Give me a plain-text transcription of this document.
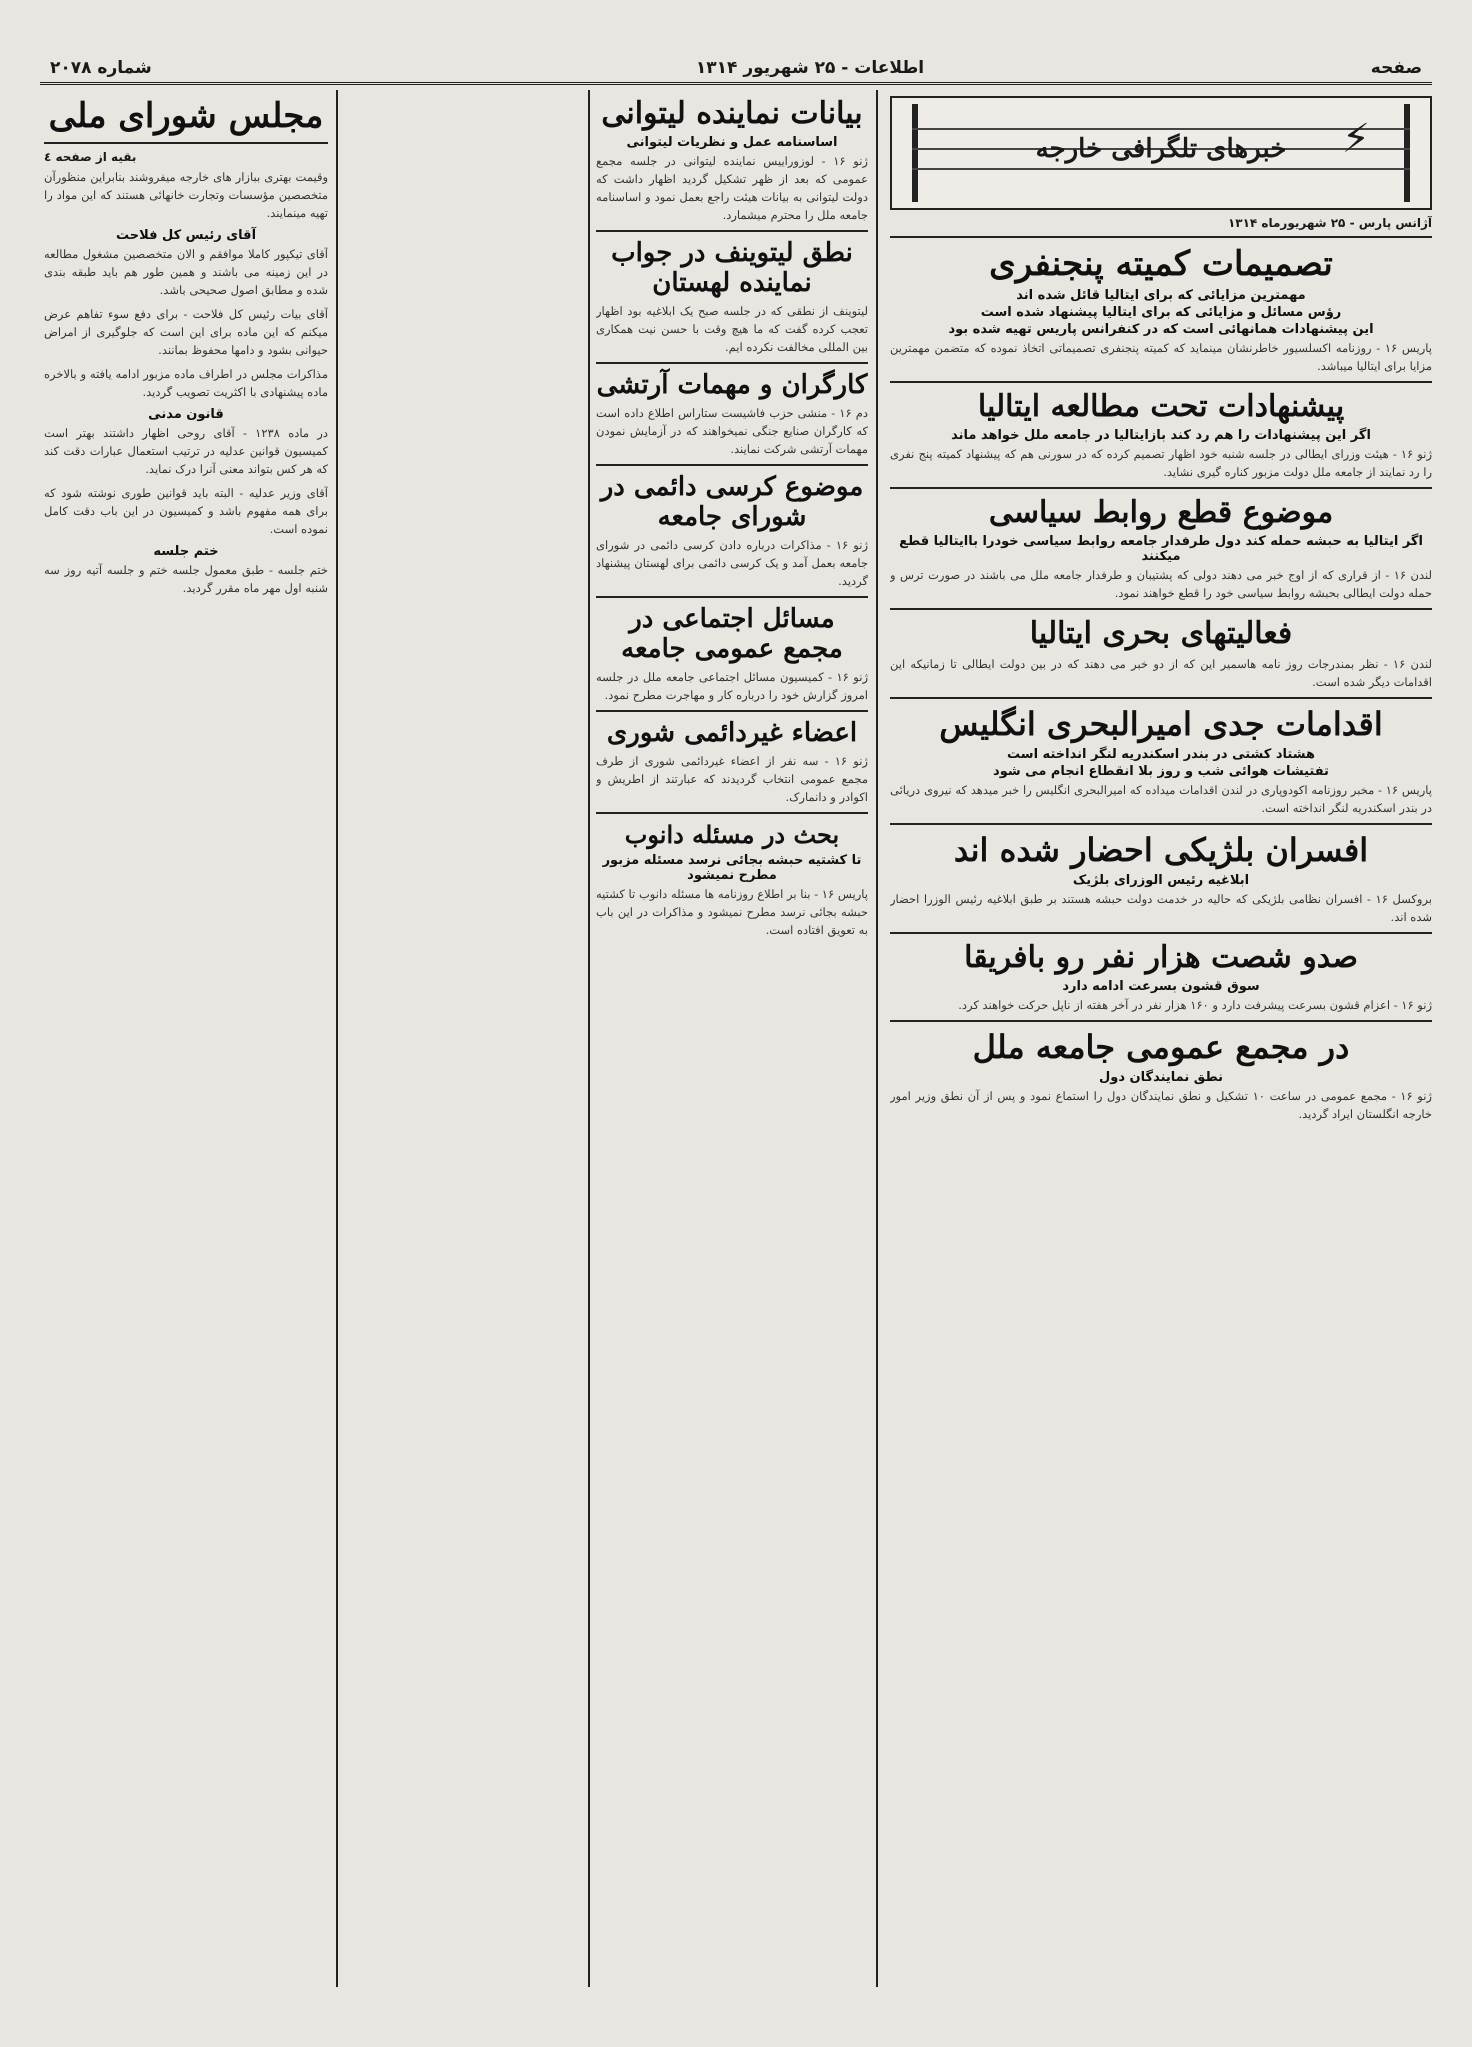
شماره ۲۰۷۸	اطلاعات - ۲۵ شهریور ۱۳۱۴	صفحه
⚡
خبرهای تلگرافی خارجه
آژانس پارس - ۲۵ شهریورماه ۱۳۱۴
تصمیمات کمیته پنجنفری
مهمترین مزایائی که برای ایتالیا قائل شده اند
رؤس مسائل و مزایائی که برای ایتالیا پیشنهاد شده است
این پیشنهادات همانهائی است که در کنفرانس پاریس تهیه شده بود

پاریس ۱۶ - روزنامه اکسلسیور خاطرنشان مینماید که کمیته پنجنفری تصمیماتی اتخاذ نموده که متضمن مهمترین مزایا برای ایتالیا میباشد.

پیشنهادات تحت مطالعه ایتالیا
اگر این پیشنهادات را هم رد کند بازایتالیا در جامعه ملل خواهد ماند

ژنو ۱۶ - هیئت وزرای ایطالی در جلسه شنبه خود اظهار تصمیم کرده که در سورنی هم که پیشنهاد کمیته پنج نفری را رد نمایند از جامعه ملل دولت مزبور کناره گیری نشاید.

موضوع قطع روابط سیاسی
اگر ایتالیا به حبشه حمله کند دول طرفدار جامعه روابط سیاسی خودرا باایتالیا قطع میکنند

لندن ۱۶ - از قراری که از اوج خبر می دهند دولی که پشتیبان و طرفدار جامعه ملل می باشند در صورت ترس و حمله دولت ایطالی بحبشه روابط سیاسی خود را قطع خواهند نمود.

فعالیتهای بحری ایتالیا

لندن ۱۶ - نظر بمندرجات روز نامه هاسمیر این که از دو خبر می دهند که در بین دولت ایطالی تا زمانیکه این اقدامات دیگر شده است.

اقدامات جدی امیرالبحری انگلیس
هشتاد کشتی در بندر اسکندریه لنگر انداخته است
تفتیشات هوائی شب و روز بلا انقطاع انجام می شود

پاریس ۱۶ - مخبر روزنامه اکودوپاری در لندن اقدامات میداده که امیرالبحری انگلیس را خبر میدهد که نیروی دریائی در بندر اسکندریه لنگر انداخته است.

افسران بلژیکی احضار شده اند
ابلاغیه رئیس الوزرای بلژیک

بروکسل ۱۶ - افسران نظامی بلژیکی که حالیه در خدمت دولت حبشه هستند بر طبق ابلاغیه رئیس الوزرا احضار شده اند.

صدو شصت هزار نفر رو بافریقا
سوق قشون بسرعت ادامه دارد

ژنو ۱۶ - اعزام قشون بسرعت پیشرفت دارد و ۱۶۰ هزار نفر در آخر هفته از ناپل حرکت خواهند کرد.

در مجمع عمومی جامعه ملل
نطق نمایندگان دول

ژنو ۱۶ - مجمع عمومی در ساعت ۱۰ تشکیل و نطق نمایندگان دول را استماع نمود و پس از آن نطق وزیر امور خارجه انگلستان ایراد گردید.

بیانات نماینده لیتوانی
اساسنامه عمل و نظریات لیتوانی

ژنو ۱۶ - لوزوراییس نماینده لیتوانی در جلسه مجمع عمومی که بعد از ظهر تشکیل گردید اظهار داشت که دولت لیتوانی به بیانات هیئت راجع بعمل نمود و اساسنامه جامعه ملل را محترم میشمارد.

نطق لیتوینف در جواب نماینده لهستان

لیتوینف از نطقی که در جلسه صبح یک ابلاغیه بود اظهار تعجب کرده گفت که ما هیچ وقت با حسن نیت همکاری بین المللی مخالفت نکرده ایم.

کارگران و مهمات آرتشی

دم ۱۶ - منشی حزب فاشیست ستاراس اطلاع داده است که کارگران صنایع جنگی نمیخواهند که در آزمایش نمودن مهمات آرتشی شرکت نمایند.

موضوع کرسی دائمی در شورای جامعه

ژنو ۱۶ - مذاکرات درباره دادن کرسی دائمی در شورای جامعه بعمل آمد و یک کرسی دائمی برای لهستان پیشنهاد گردید.

مسائل اجتماعی در مجمع عمومی جامعه

ژنو ۱۶ - کمیسیون مسائل اجتماعی جامعه ملل در جلسه امروز گزارش خود را درباره کار و مهاجرت مطرح نمود.

اعضاء غیردائمی شوری

ژنو ۱۶ - سه نفر از اعضاء غیردائمی شوری از طرف مجمع عمومی انتخاب گردیدند که عبارتند از اطریش و اکوادر و دانمارک.

بحث در مسئله دانوب
تا کشتیه حبشه بجائی نرسد مسئله مزبور مطرح نمیشود

پاریس ۱۶ - بنا بر اطلاع روزنامه ها مسئله دانوب تا کشتیه حبشه بجائی نرسد مطرح نمیشود و مذاکرات در این باب به تعویق افتاده است.

مجلس شورای ملی
بقیه از صفحه ٤

وقیمت بهتری ببازار های خارجه میفروشند بنابراین منظورآن متخصصین مؤسسات وتجارت خانهائی هستند که این مواد را تهیه مینمایند.

آقای رئیس کل فلاحت

آقای تیکپور کاملا موافقم و الان متخصصین مشغول مطالعه در این زمینه می باشند و همین طور هم باید طبقه بندی شده و مطابق اصول صحیحی باشد.

آقای بیات رئیس کل فلاحت - برای دفع سوء تفاهم عرض میکنم که این ماده برای این است که جلوگیری از امراض حیوانی بشود و دامها محفوظ بمانند.

مذاکرات مجلس در اطراف ماده مزبور ادامه یافته و بالاخره ماده پیشنهادی با اکثریت تصویب گردید.

قانون مدنی

در ماده ۱۲۳۸ - آقای روحی اظهار داشتند بهتر است کمیسیون قوانین عدلیه در ترتیب استعمال عبارات دقت کند که هر کس بتواند معنی آنرا درک نماید.

آقای وزیر عدلیه - البته باید قوانین طوری نوشته شود که برای همه مفهوم باشد و کمیسیون در این باب دقت کامل نموده است.

ختم جلسه

ختم جلسه - طبق معمول جلسه ختم و جلسه آتیه روز سه شنبه اول مهر ماه مقرر گردید.
